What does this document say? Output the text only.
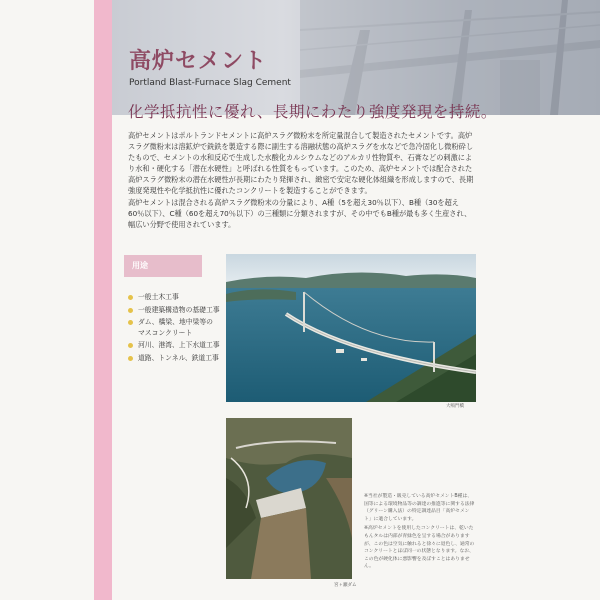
高炉セメント
Portland Blast-Furnace Slag Cement
化学抵抗性に優れ、長期にわたり強度発現を持続。

高炉セメントはポルトランドセメントに高炉スラグ微粉末を所定量混合して製造されたセメントです。高炉スラグ微粉末は溶鉱炉で銑鉄を製造する際に副生する溶融状態の高炉スラグを水などで急冷固化し微粉砕したもので、セメントの水和反応で生成した水酸化カルシウムなどのアルカリ性物質や、石膏などの刺激により水和・硬化する「潜在水硬性」と呼ばれる性質をもっています。このため、高炉セメントでは配合された高炉スラグ微粉末の潜在水硬性が長期にわたり発揮され、緻密で安定な硬化体組織を形成しますので、長期強度発現性や化学抵抗性に優れたコンクリートを製造することができます。

高炉セメントは混合される高炉スラグ微粉末の分量により、A種（5を超え30％以下）、B種（30を超え60％以下）、C種（60を超え70％以下）の三種類に分類されますが、その中でもB種が最も多く生産され、幅広い分野で使用されています。

用途
一般土木工事
一般建築構造物の基礎工事
ダム、橋梁、地中梁等の
マスコンクリート
河川、港湾、上下水道工事
道路、トンネル、鉄道工事
大鳴門橋
宮ヶ瀬ダム

※当社が製造・販売している高炉セメントB種は、国等による環境物品等の調達の推進等に関する法律（グリーン購入法）の特定調達品目「高炉セメント」に適合しています。

※高炉セメントを使用したコンクリートは、乾いたもんタルは内部が青緑色を呈する場合がありますが、この色は空気に触れると徐々に退色し、通常のコンクリートとほぼ同一の状態となります。なお、この色が硬化体に悪影響を及ぼすことはありません。
